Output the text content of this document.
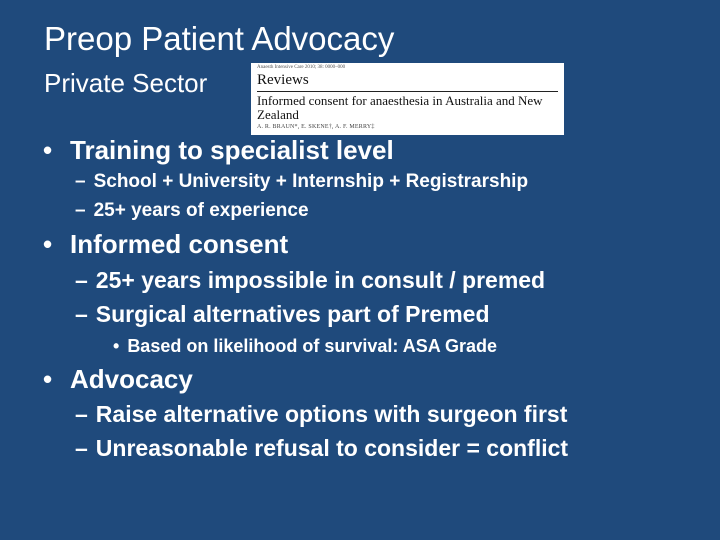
Preop Patient Advocacy
Private Sector
Anaesth Intensive Care 2010; 38: 0000–000
Reviews
Informed consent for anaesthesia in Australia and New Zealand
A. R. BRAUN*, E. SKENE†, A. F. MERRY‡
• Training to specialist level
– School + University + Internship + Registrarship
– 25+ years of experience
• Informed consent
– 25+ years impossible in consult / premed
– Surgical alternatives part of Premed
• Based on likelihood of survival: ASA Grade
• Advocacy
– Raise alternative options with surgeon first
– Unreasonable refusal to consider = conflict
